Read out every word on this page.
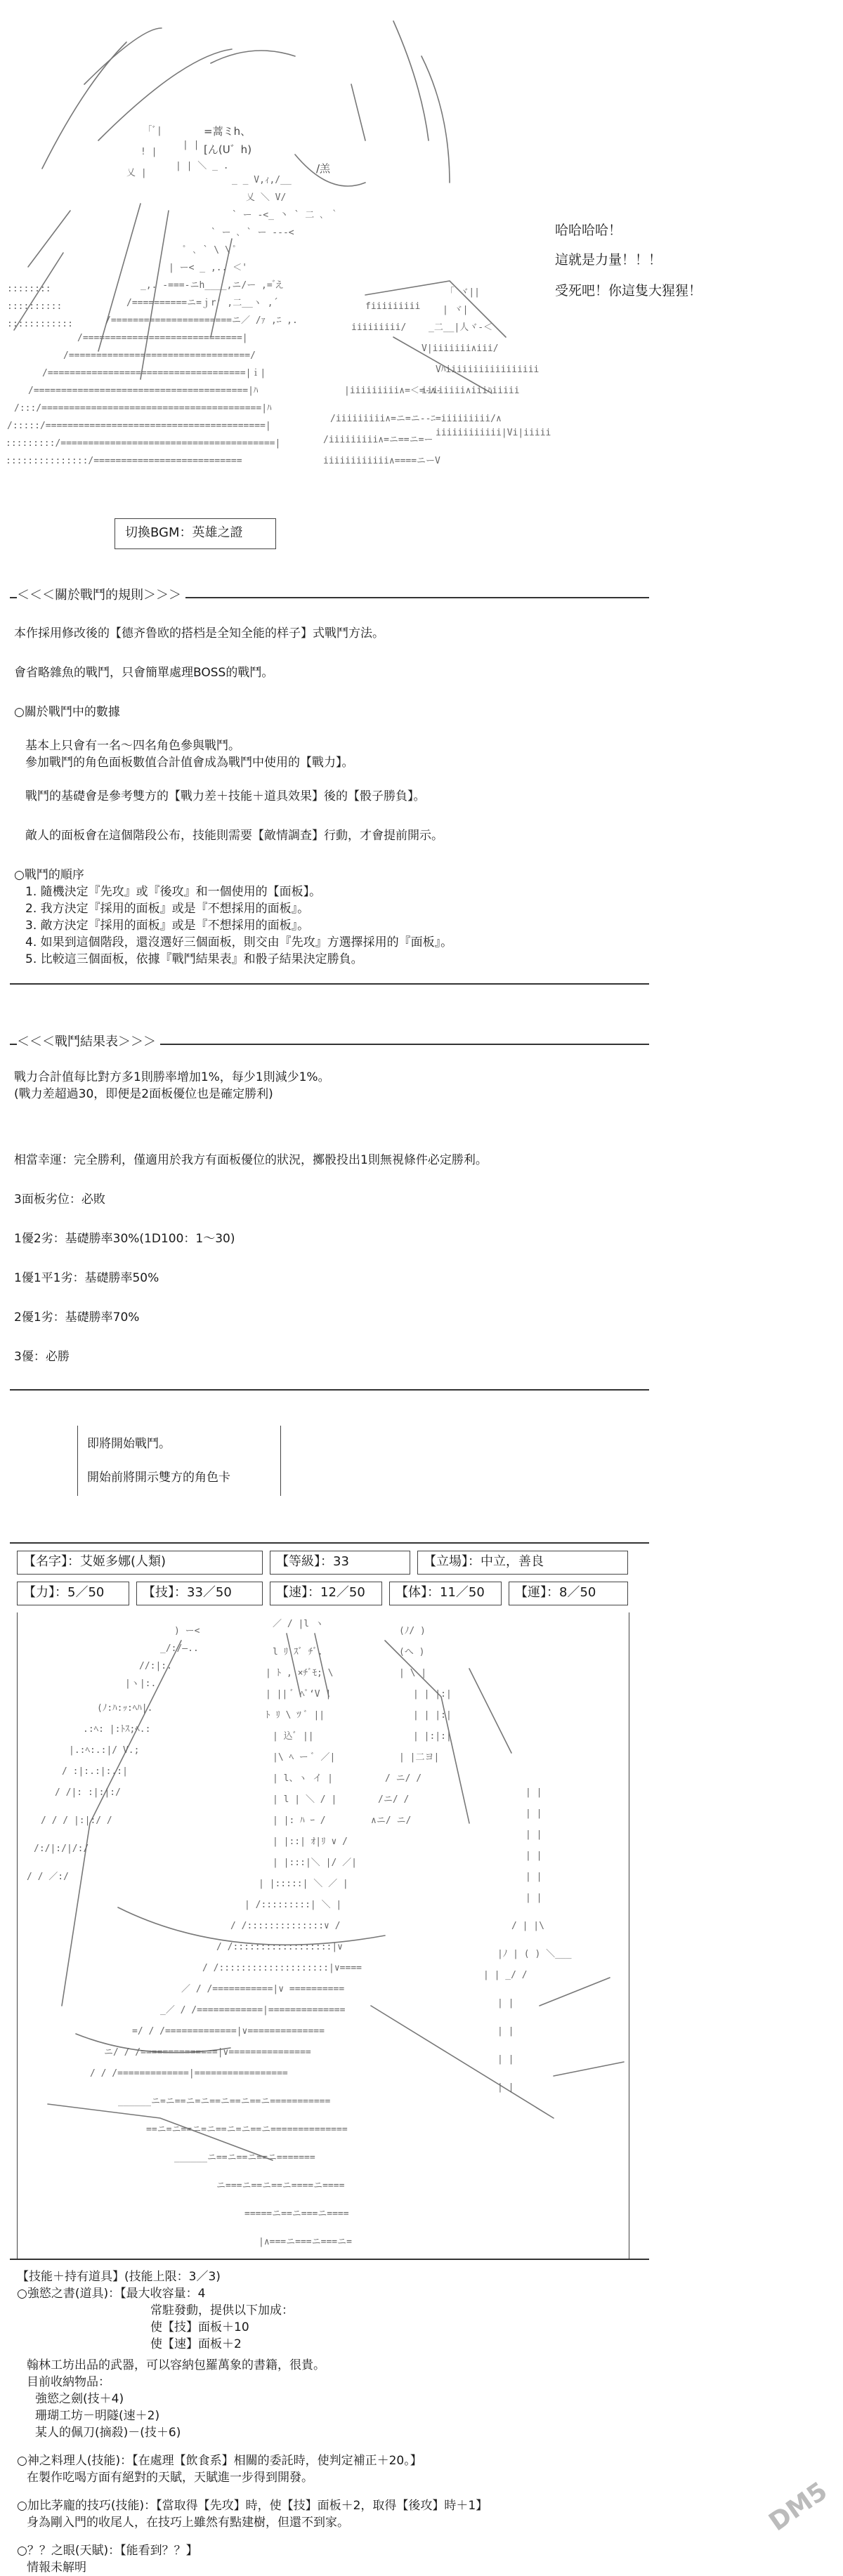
｢ﾞ|
! |
乂 |
| |
| | ＼ _ .
_ _ V,ｨ,/__
乂 ＼ V/
` ー -<_ 丶 ` 二 ､ ｀
` ー ､ ` ー -‐‐<
ﾟ ､ ` \ \ ﾟ
| ー< _ ,.. ＜'
_,. -===-ニh____,ニ/ー ,= ゙え
/==========ニ=ｊr' ,二__ヽ ,´
/======================ニ／ /ｧ ,ﾆ ,.
/=============================|
/=================================/
/====================================|ｉ|
/=======================================|ﾊ
/:::/========================================|ﾊ
/:::::/========================================|
:::::::::/=======================================|
:::::::::::::::/===========================
::::::::
::::::::::
::::::::::::
fiiiiiiiii
iiiiiiiii/
|iiiiiiiii∧=＜=-∧-
/iiiiiiiii∧=ニ=ニ--ﾆ=iiiiiiiii/∧
/iiiiiiiii∧=ニ==ニ=ー
iiiiiiiiiiii∧====ニーV
｢ ヾ||
| ヾ|
_二__|人ヾ-＜
V|iiiiiii∧iii/
Vﾊiiiiiiiiiiiiiiiii
iiiiiiii∧iiiﾊiiiii
iiiiiiiiiiii|Vi|iiiii
=蒿ミh、
[ん(U゛h)
/羔
哈哈哈哈！
這就是力量！！！
受死吧！你這隻大猩猩！
切換BGM：英雄之證
＜＜＜關於戰鬥的規則＞＞＞
本作採用修改後的【德齐鲁欧的搭档是全知全能的样子】式戰鬥方法。
會省略雜魚的戰鬥，只會簡單處理BOSS的戰鬥。
○關於戰鬥中的數據
基本上只會有一名～四名角色參與戰鬥。
參加戰鬥的角色面板數值合計值會成為戰鬥中使用的【戰力】。
戰鬥的基礎會是參考雙方的【戰力差＋技能＋道具效果】後的【骰子勝負】。
敵人的面板會在這個階段公布，技能則需要【敵情調查】行動，才會提前開示。
○戰鬥的順序
1. 隨機決定『先攻』或『後攻』和一個使用的【面板】。
2. 我方決定『採用的面板』或是『不想採用的面板』。
3. 敵方決定『採用的面板』或是『不想採用的面板』。
4. 如果到這個階段，還沒選好三個面板，則交由『先攻』方選擇採用的『面板』。
5. 比較這三個面板，依據『戰鬥結果表』和骰子結果決定勝負。
＜＜＜戰鬥結果表＞＞＞
戰力合計值每比對方多1則勝率增加1%，每少1則減少1%。
(戰力差超過30，即便是2面板優位也是確定勝利)
相當幸運：完全勝利，僅適用於我方有面板優位的狀況，擲骰投出1則無視條件必定勝利。
3面板劣位：必敗
1優2劣：基礎勝率30%(1D100：1～30)
1優1平1劣：基礎勝率50%
2優1劣：基礎勝率70%
3優：必勝
即將開始戰鬥。
開始前將開示雙方的角色卡
【名字】：艾姬多娜(人類)	【等級】：33	【立場】：中立，善良
【力】：5／50	【技】：33／50	【速】：12／50	【体】：11／50	【運】：8／50
) ー<
_/:/―..
//:|:.
|ヽ|:.
(ﾉ:ﾊ:ｯ:ﾍﾊ|.
.:ﾍ: |:ﾄｽ;ﾍ.:
|.:ﾍ:.:|/ V.;
/ :|:.:|:.:|
/ /|: :|:|:/
/ / / |:|:/ /
/:/|:/|/:/
/ / ／:/
／ / |l ヽ
l ﾘ ｽﾞ ﾁﾞ.
| ﾄ , ×ﾁﾞﾓ; \
| || ﾞ ﾍﾟ‘V |
ﾄ ﾘ \ ﾂ ﾞ ||
| 込ﾞ ||
|\ ﾍ ー ﾞ ／|
| l、ヽ イ |
| l | ＼ / |
| |: ﾊ ｰ /
| |::| ｵ|ﾘ ∨ /
| |:::|＼ |/ ／|
| |:::::| ＼ ／ |
| /:::::::::| ＼ |
/ /::::::::::::::∨ /
/ /::::::::::::::::::|∨
/ /::::::::::::::::::::|∨====
／ / /===========|∨ ==========
_／ / /============|==============
=/ / /=============|∨==============
ニ/ / /==============|∨===============
/ / /=============|=================
______ニ=ニ==ニ=ニ==ニ==ニ==ニ===========
==ニ=ニ==ニ=ニ==ニ=ニ==ニ==============
______ニ==ニ==ニ==ニ=======
ニ===ニ==ニ==ニ====ニ====
=====ニ==ニ===ニ====
|∧===ニ===ニ===ニ=
(ﾉ/ )
(へ )
| \ |
| | |:|
| | |:|
| |:|:|
| |二ヨ|
/ ニ/ /
/ニ/ /
∧ニ/ ニ/
| |
| |
| |
| |
| |
| |
/ | |\
|ﾉ | ( ) ＼___
| | _/ /
| |
| |
| |
| |
【技能＋持有道具】(技能上限：3／3)
○強慾之書(道具)：【最大收容量：4
常駐發動，提供以下加成：
使【技】面板＋10
使【速】面板＋2
翰林工坊出品的武器，可以容納包羅萬象的書籍，很貴。
目前收納物品：
強慾之劍(技＋4)
珊瑚工坊－明隧(速＋2)
某人的佩刀(摘殺)－(技＋6)
○神之料理人(技能)：【在處理【飲食系】相關的委託時，使判定補正＋20。】
在製作吃喝方面有絕對的天賦，天賦進一步得到開發。
○加比茅龐的技巧(技能)：【當取得【先攻】時，使【技】面板＋2，取得【後攻】時＋1】
身為剛入門的收尾人，在技巧上雖然有點建樹，但還不到家。
○？？之眼(天賦)：【能看到？？】
情報未解明
DM5
